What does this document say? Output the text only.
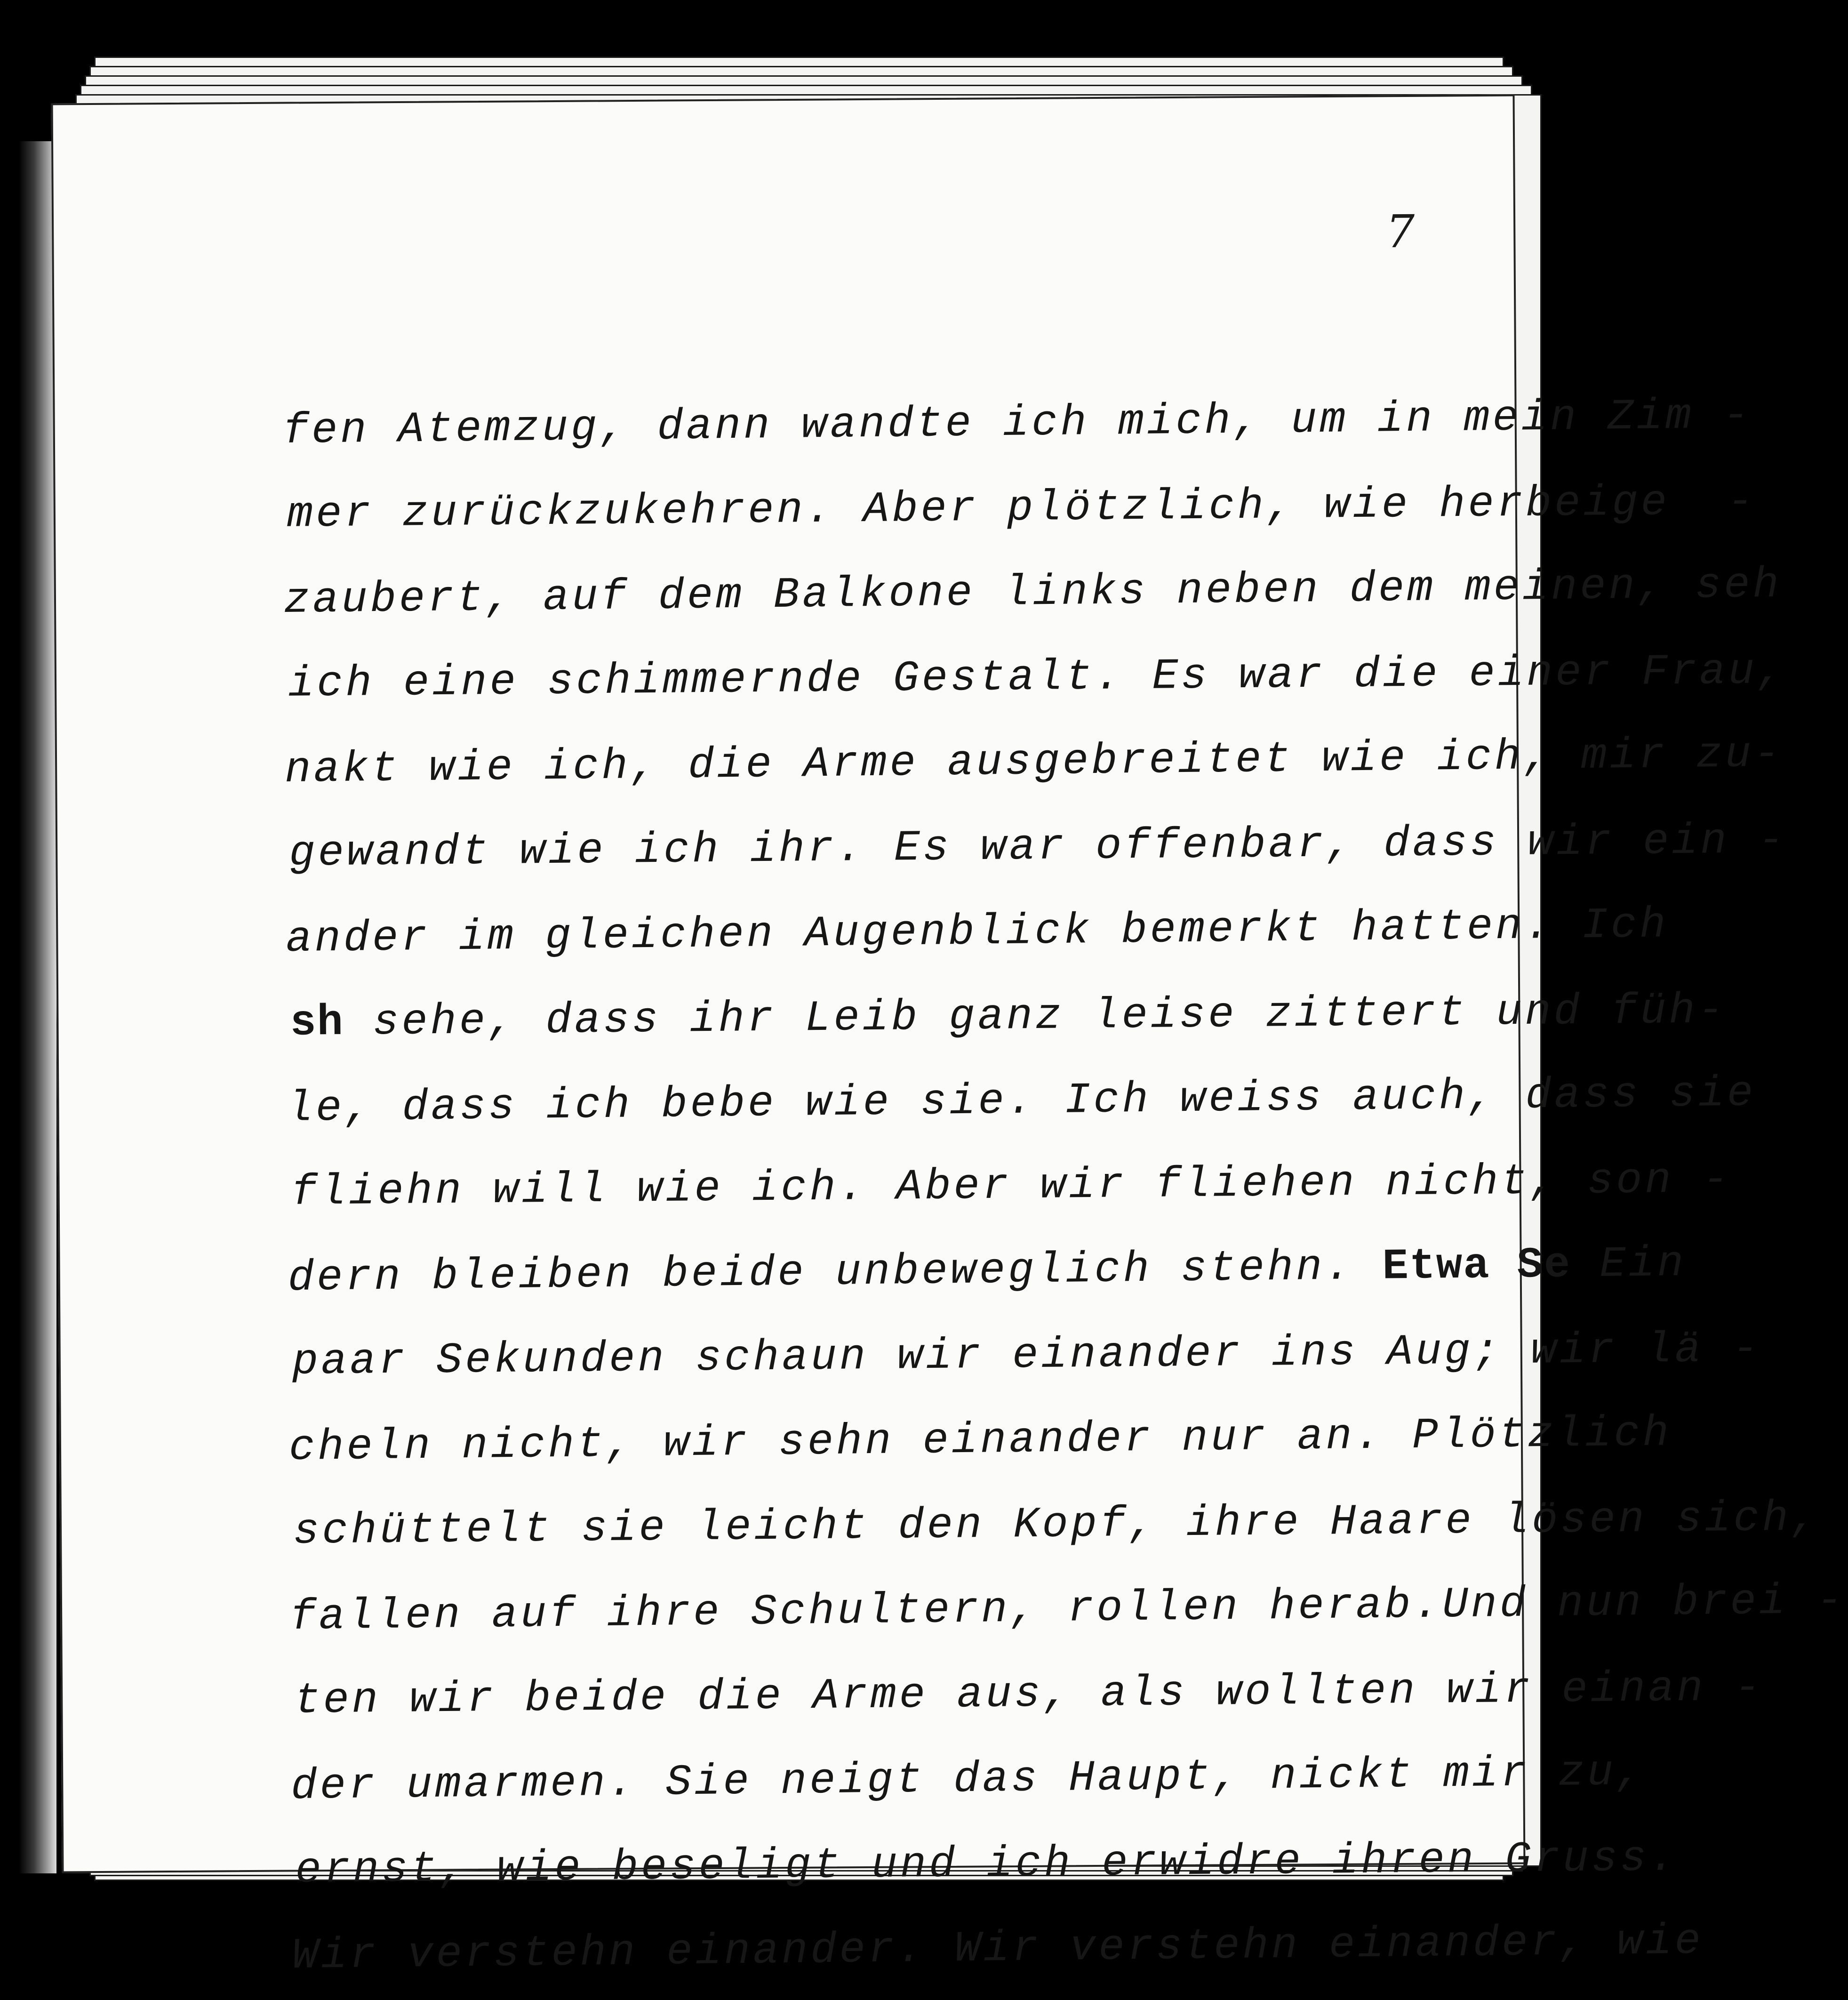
7

fen Atemzug, dann wandte ich mich, um in mein Zim -
mer zurückzukehren. Aber plötzlich, wie herbeige  -
zaubert, auf dem Balkone links neben dem meinen, seh
ich eine schimmernde Gestalt. Es war die einer Frau,
nakt wie ich, die Arme ausgebreitet wie ich, mir zu-
gewandt wie ich ihr. Es war offenbar, dass wir ein -
ander im gleichen Augenblick bemerkt hatten. Ich
sh sehe, dass ihr Leib ganz leise zittert und füh-
le, dass ich bebe wie sie. Ich weiss auch, dass sie
fliehn will wie ich. Aber wir fliehen nicht, son -
dern bleiben beide unbeweglich stehn. Etwa Se Ein
paar Sekunden schaun wir einander ins Aug; wir lä -
cheln nicht, wir sehn einander nur an. Plötzlich
schüttelt sie leicht den Kopf, ihre Haare lösen sich,
fallen auf ihre Schultern, rollen herab.Und nun brei -
ten wir beide die Arme aus, als wollten wir einan -
der umarmen. Sie neigt das Haupt, nickt mir zu,
ernst, wie beseligt und ich erwidre ihren Gruss.
Wir verstehn einander. Wir verstehn einander, wie
